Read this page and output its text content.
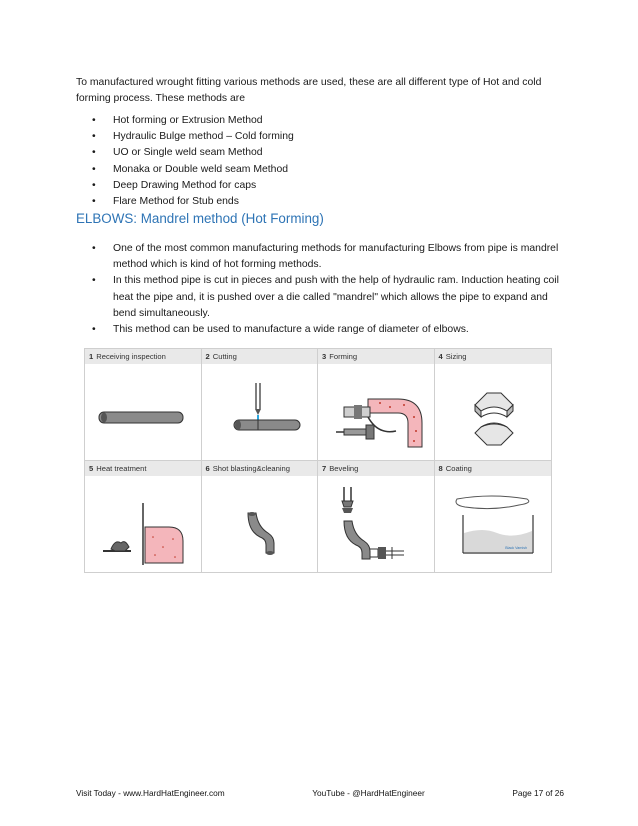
To manufactured wrought fitting various methods are used, these are all different type of Hot and cold forming process. These methods are
• Hot forming or Extrusion Method
• Hydraulic Bulge method – Cold forming
• UO or Single weld seam Method
• Monaka or Double weld seam Method
• Deep Drawing Method for caps
• Flare Method for Stub ends
ELBOWS: Mandrel method (Hot Forming)
• One of the most common manufacturing methods for manufacturing Elbows from pipe is mandrel method which is kind of hot forming methods.
• In this method pipe is cut in pieces and push with the help of hydraulic ram. Induction heating coil heat the pipe and, it is pushed over a die called "mandrel" which allows the pipe to expand and bend simultaneously.
• This method can be used to manufacture a wide range of diameter of elbows.
1 Receiving inspection	2 Cutting	3 Forming	4 Sizing
5 Heat treatment	6 Shot blasting&cleaning	7 Beveling	8 Coating
Black Varnish
Visit Today - www.HardHatEngineer.com	YouTube - @HardHatEngineer	Page 17 of 26
